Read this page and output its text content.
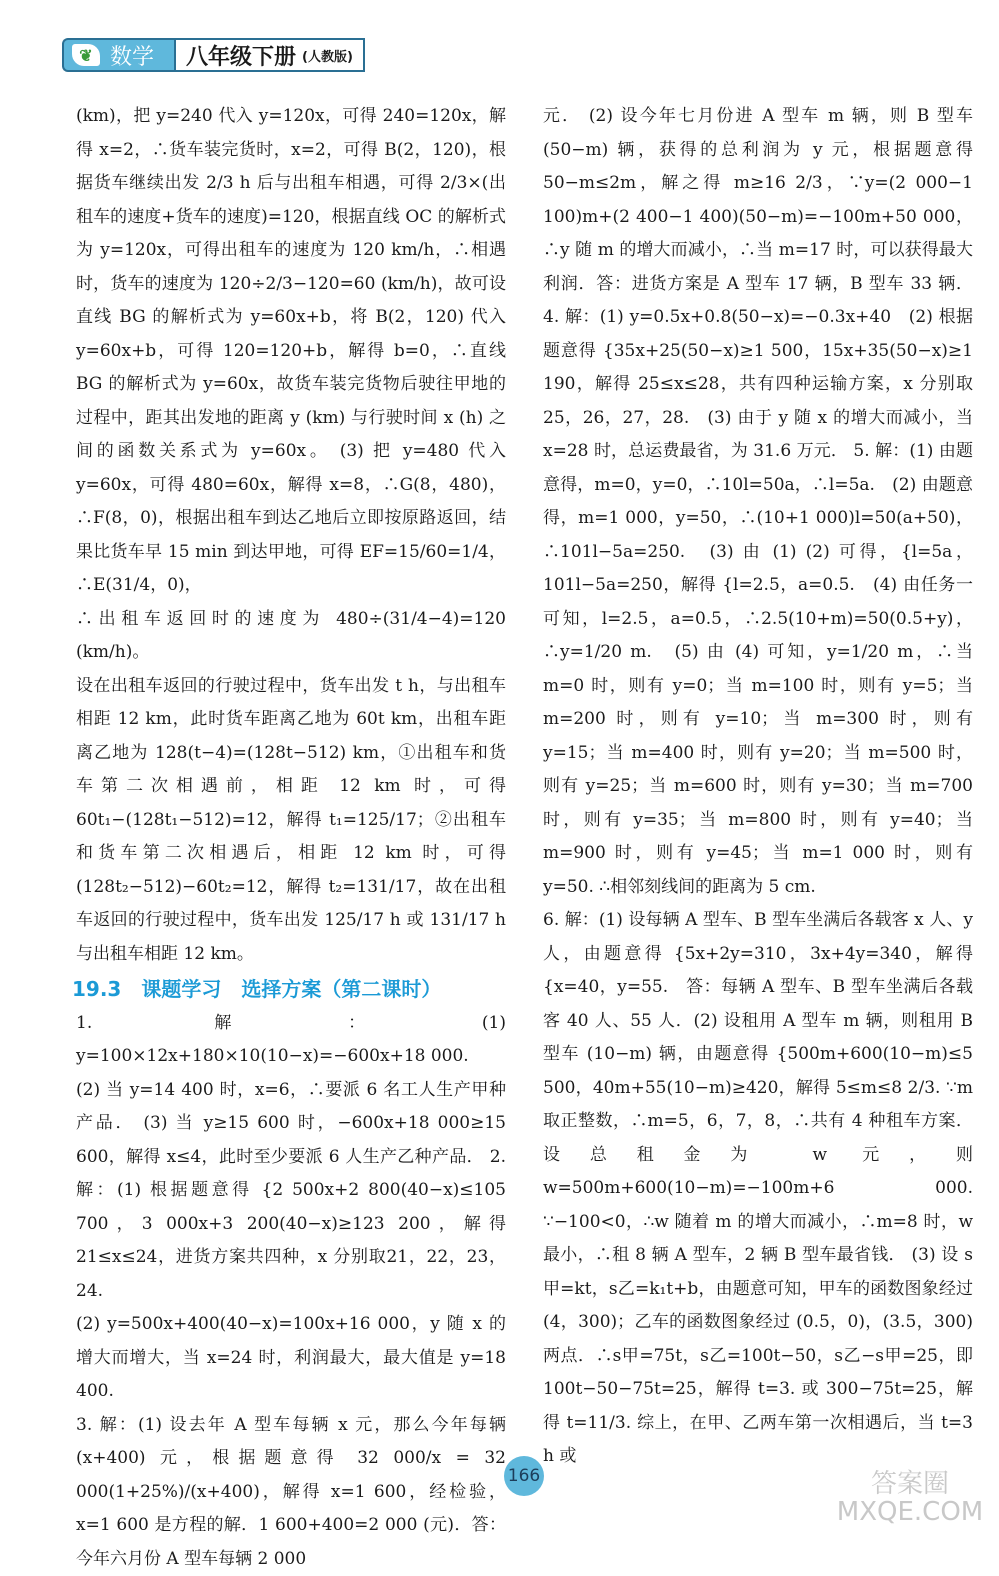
❦ 数学 八年级下册 (人教版)

(km)，把 y=240 代入 y=120x，可得 240=120x，解得 x=2，∴货车装完货时，x=2，可得 B(2，120)，根据货车继续出发 2/3 h 后与出租车相遇，可得 2/3×(出租车的速度+货车的速度)=120，根据直线 OC 的解析式为 y=120x，可得出租车的速度为 120 km/h，∴相遇时，货车的速度为 120÷2/3−120=60 (km/h)，故可设直线 BG 的解析式为 y=60x+b，将 B(2，120) 代入 y=60x+b，可得 120=120+b，解得 b=0，∴直线 BG 的解析式为 y=60x，故货车装完货物后驶往甲地的过程中，距其出发地的距离 y (km) 与行驶时间 x (h) 之间的函数关系式为 y=60x。 (3) 把 y=480 代入 y=60x，可得 480=60x，解得 x=8，∴G(8，480)，∴F(8，0)，根据出租车到达乙地后立即按原路返回，结果比货车早 15 min 到达甲地，可得 EF=15/60=1/4，∴E(31/4，0)，

∴出租车返回时的速度为 480÷(31/4−4)=120 (km/h)。

设在出租车返回的行驶过程中，货车出发 t h，与出租车相距 12 km，此时货车距离乙地为 60t km，出租车距离乙地为 128(t−4)=(128t−512) km，①出租车和货车第二次相遇前，相距 12 km 时，可得 60t₁−(128t₁−512)=12，解得 t₁=125/17；②出租车和货车第二次相遇后，相距 12 km 时，可得 (128t₂−512)−60t₂=12，解得 t₂=131/17，故在出租车返回的行驶过程中，货车出发 125/17 h 或 131/17 h 与出租车相距 12 km。

19.3　课题学习　选择方案（第二课时）

1. 解：(1) y=100×12x+180×10(10−x)=−600x+18 000.

(2) 当 y=14 400 时，x=6，∴要派 6 名工人生产甲种产品． (3) 当 y≥15 600 时，−600x+18 000≥15 600，解得 x≤4，此时至少要派 6 人生产乙种产品． 2. 解：(1) 根据题意得 {2 500x+2 800(40−x)≤105 700，3 000x+3 200(40−x)≥123 200，解得 21≤x≤24，进货方案共四种，x 分别取21，22，23，24.

(2) y=500x+400(40−x)=100x+16 000，y 随 x 的增大而增大，当 x=24 时，利润最大，最大值是 y=18 400.

3. 解：(1) 设去年 A 型车每辆 x 元，那么今年每辆 (x+400) 元，根据题意得 32 000/x = 32 000(1+25%)/(x+400)，解得 x=1 600，经检验，x=1 600 是方程的解．1 600+400=2 000 (元)．答：今年六月份 A 型车每辆 2 000

元． (2) 设今年七月份进 A 型车 m 辆，则 B 型车 (50−m) 辆，获得的总利润为 y 元，根据题意得 50−m≤2m，解之得 m≥16 2/3，∵y=(2 000−1 100)m+(2 400−1 400)(50−m)=−100m+50 000，∴y 随 m 的增大而减小，∴当 m=17 时，可以获得最大利润．答：进货方案是 A 型车 17 辆，B 型车 33 辆． 4. 解：(1) y=0.5x+0.8(50−x)=−0.3x+40　(2) 根据题意得 {35x+25(50−x)≥1 500，15x+35(50−x)≥1 190，解得 25≤x≤28，共有四种运输方案，x 分别取 25，26，27，28.　(3) 由于 y 随 x 的增大而减小，当 x=28 时，总运费最省，为 31.6 万元． 5. 解：(1) 由题意得，m=0，y=0，∴10l=50a，∴l=5a.　(2) 由题意得，m=1 000，y=50，∴(10+1 000)l=50(a+50)，∴101l−5a=250.　(3) 由 (1) (2) 可得，{l=5a，101l−5a=250，解得 {l=2.5，a=0.5.　(4) 由任务一可知，l=2.5，a=0.5，∴2.5(10+m)=50(0.5+y)，∴y=1/20 m.　(5) 由 (4) 可知，y=1/20 m，∴当 m=0 时，则有 y=0；当 m=100 时，则有 y=5；当 m=200 时，则有 y=10；当 m=300 时，则有 y=15；当 m=400 时，则有 y=20；当 m=500 时，则有 y=25；当 m=600 时，则有 y=30；当 m=700 时，则有 y=35；当 m=800 时，则有 y=40；当 m=900 时，则有 y=45；当 m=1 000 时，则有 y=50. ∴相邻刻线间的距离为 5 cm.

6. 解：(1) 设每辆 A 型车、B 型车坐满后各载客 x 人、y 人，由题意得 {5x+2y=310，3x+4y=340，解得 {x=40，y=55.　答：每辆 A 型车、B 型车坐满后各载客 40 人、55 人．(2) 设租用 A 型车 m 辆，则租用 B 型车 (10−m) 辆，由题意得 {500m+600(10−m)≤5 500，40m+55(10−m)≥420，解得 5≤m≤8 2/3. ∵m 取正整数，∴m=5，6，7，8，∴共有 4 种租车方案．设总租金为 w 元，则 w=500m+600(10−m)=−100m+6 000. ∵−100<0，∴w 随着 m 的增大而减小，∴m=8 时，w 最小，∴租 8 辆 A 型车，2 辆 B 型车最省钱． (3) 设 s甲=kt，s乙=k₁t+b，由题意可知，甲车的函数图象经过 (4，300)；乙车的函数图象经过 (0.5，0)，(3.5，300) 两点．∴s甲=75t，s乙=100t−50，s乙−s甲=25，即 100t−50−75t=25，解得 t=3. 或 300−75t=25，解得 t=11/3. 综上，在甲、乙两车第一次相遇后，当 t=3 h 或

166	答案圈 MXQE.COM
